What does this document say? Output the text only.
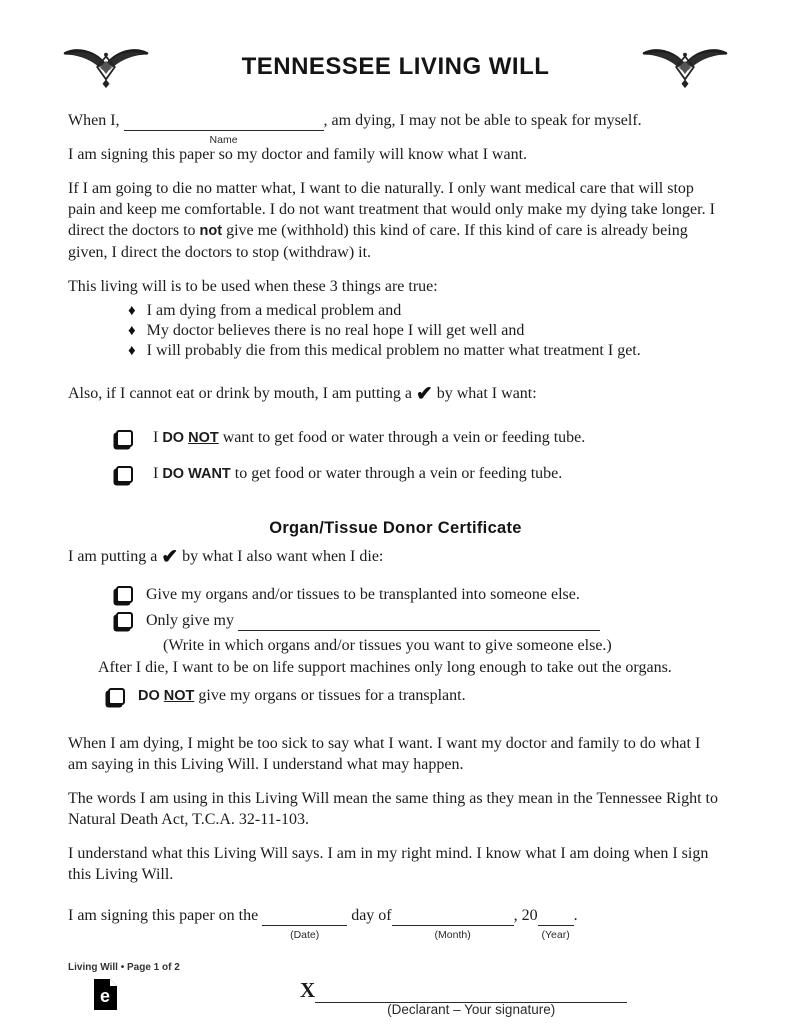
TENNESSEE LIVING WILL

When I,
Name
, am dying, I may not be able to speak for myself.

I am signing this paper so my doctor and family will know what I want.

If I am going to die no matter what, I want to die naturally. I only want medical care that will stop pain and keep me comfortable. I do not want treatment that would only make my dying take longer. I direct the doctors to not give me (withhold) this kind of care. If this kind of care is already being given, I direct the doctors to stop (withdraw) it.

This living will is to be used when these 3 things are true:

♦ I am dying from a medical problem and
♦ My doctor believes there is no real hope I will get well and
♦ I will probably die from this medical problem no matter what treatment I get.

Also, if I cannot eat or drink by mouth, I am putting a ✔ by what I want:

I DO NOT want to get food or water through a vein or feeding tube.
I DO WANT to get food or water through a vein or feeding tube.
Organ/Tissue Donor Certificate

I am putting a ✔ by what I also want when I die:

Give my organs and/or tissues to be transplanted into someone else.
Only give my
(Write in which organs and/or tissues you want to give someone else.)
After I die, I want to be on life support machines only long enough to take out the organs.
DO NOT give my organs or tissues for a transplant.

When I am dying, I might be too sick to say what I want. I want my doctor and family to do what I am saying in this Living Will. I understand what may happen.

The words I am using in this Living Will mean the same thing as they mean in the Tennessee Right to Natural Death Act, T.C.A. 32-11-103.

I understand what this Living Will says. I am in my right mind. I know what I am doing when I sign this Living Will.

I am signing this paper on the
(Date)
day of
(Month)
, 20
(Year)
.

X
(Declarant – Your signature)
Living Will • Page 1 of 2
e
